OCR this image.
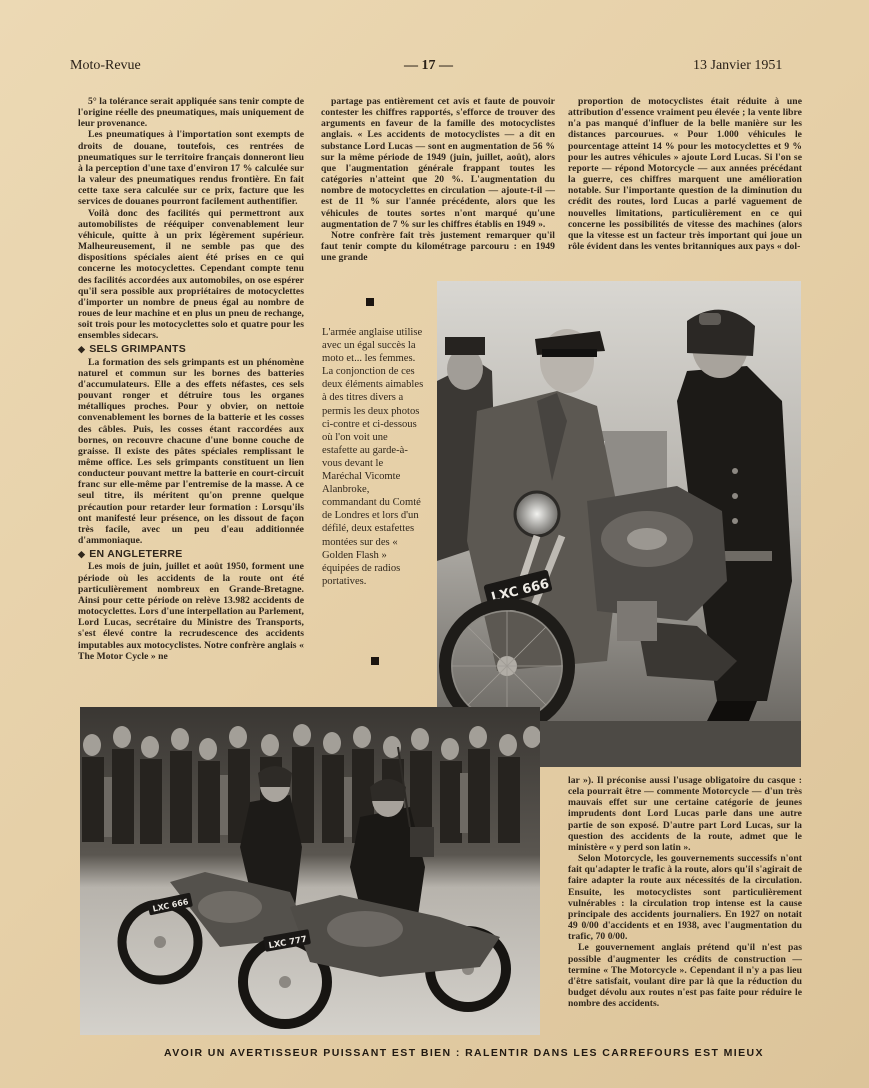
Moto-Revue	— 17 —	13 Janvier 1951

5° la tolérance serait appliquée sans tenir compte de l'origine réelle des pneumatiques, mais uniquement de leur provenance.

Les pneumatiques à l'importation sont exempts de droits de douane, toutefois, ces rentrées de pneumatiques sur le territoire français donneront lieu à la perception d'une taxe d'environ 17 % calculée sur la valeur des pneumatiques rendus frontière. En fait cette taxe sera calculée sur ce prix, facture que les services de douanes pourront facilement authentifier.

Voilà donc des facilités qui permettront aux automobilistes de rééquiper convenablement leur véhicule, quitte à un prix légèrement supérieur. Malheureusement, il ne semble pas que des dispositions spéciales aient été prises en ce qui concerne les motocyclettes. Cependant compte tenu des facilités accordées aux automobiles, on ose espérer qu'il sera possible aux propriétaires de motocyclettes d'importer un nombre de pneus égal au nombre de roues de leur machine et en plus un pneu de rechange, soit trois pour les motocyclettes solo et quatre pour les ensembles sidecars.

◆ SELS GRIMPANTS

La formation des sels grimpants est un phénomène naturel et commun sur les bornes des batteries d'accumulateurs. Elle a des effets néfastes, ces sels pouvant ronger et détruire tous les organes métalliques proches. Pour y obvier, on nettoie convenablement les bornes de la batterie et les cosses des câbles. Puis, les cosses étant raccordées aux bornes, on recouvre chacune d'une bonne couche de graisse. Il existe des pâtes spéciales remplissant le même office. Les sels grimpants constituent un lien conducteur pouvant mettre la batterie en court-circuit franc sur elle-même par l'entremise de la masse. A ce seul titre, ils méritent qu'on prenne quelque précaution pour retarder leur formation : Lorsqu'ils ont manifesté leur présence, on les dissout de façon très facile, avec un peu d'eau additionnée d'ammoniaque.

◆ EN ANGLETERRE

Les mois de juin, juillet et août 1950, forment une période où les accidents de la route ont été particulièrement nombreux en Grande-Bretagne. Ainsi pour cette période on relève 13.982 accidents de motocyclettes. Lors d'une interpellation au Parlement, Lord Lucas, secrétaire du Ministre des Transports, s'est élevé contre la recrudescence des accidents imputables aux motocyclistes. Notre confrère anglais « The Motor Cycle » ne

partage pas entièrement cet avis et faute de pouvoir contester les chiffres rapportés, s'efforce de trouver des arguments en faveur de la famille des motocyclistes anglais. « Les accidents de motocyclistes — a dit en substance Lord Lucas — sont en augmentation de 56 % sur la même période de 1949 (juin, juillet, août), alors que l'augmentation générale frappant toutes les catégories n'atteint que 20 %. L'augmentation du nombre de motocyclettes en circulation — ajoute-t-il — est de 11 % sur l'année précédente, alors que les véhicules de toutes sortes n'ont marqué qu'une augmentation de 7 % sur les chiffres établis en 1949 ».

Notre confrère fait très justement remarquer qu'il faut tenir compte du kilométrage parcouru : en 1949 une grande

proportion de motocyclistes était réduite à une attribution d'essence vraiment peu élevée ; la vente libre n'a pas manqué d'influer de la belle manière sur les distances parcourues. « Pour 1.000 véhicules le pourcentage atteint 14 % pour les motocyclettes et 9 % pour les autres véhicules » ajoute Lord Lucas. Si l'on se reporte — répond Motorcycle — aux années précédant la guerre, ces chiffres marquent une amélioration notable. Sur l'importante question de la diminution du crédit des routes, lord Lucas a parlé vaguement de nouvelles limitations, particulièrement en ce qui concerne les possibilités de vitesse des machines (alors que la vitesse est un facteur très important qui joue un rôle évident dans les ventes britanniques aux pays « dol-

L'armée anglaise utilise avec un égal succès la moto et... les femmes. La conjonction de ces deux éléments aimables à des titres divers a permis les deux photos ci-contre et ci-dessous où l'on voit une estafette au garde-à-vous devant le Maréchal Vicomte Alanbroke, commandant du Comté de Londres et lors d'un défilé, deux estafettes montées sur des « Golden Flash » équipées de radios portatives.	LXC 666
LXC 666
LXC 777

lar »). Il préconise aussi l'usage obligatoire du casque : cela pourrait être — commente Motorcycle — d'un très mauvais effet sur une certaine catégorie de jeunes imprudents dont Lord Lucas parle dans une autre partie de son exposé. D'autre part Lord Lucas, sur la question des accidents de la route, admet que le ministère « y perd son latin ».

Selon Motorcycle, les gouvernements successifs n'ont fait qu'adapter le trafic à la route, alors qu'il s'agirait de faire adapter la route aux nécessités de la circulation. Ensuite, les motocyclistes sont particulièrement vulnérables : la circulation trop intense est la cause principale des accidents journaliers. En 1927 on notait 49 0/00 d'accidents et en 1938, avec l'augmentation du trafic, 70 0/00.

Le gouvernement anglais prétend qu'il n'est pas possible d'augmenter les crédits de construction — termine « The Motorcycle ». Cependant il n'y a pas lieu d'être satisfait, voulant dire par là que la réduction du budget dévolu aux routes n'est pas faite pour réduire le nombre des accidents.

AVOIR UN AVERTISSEUR PUISSANT EST BIEN : RALENTIR DANS LES CARREFOURS EST MIEUX
